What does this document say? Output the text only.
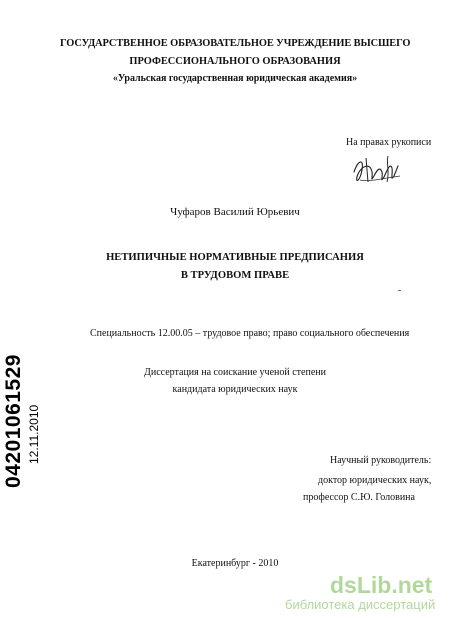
ГОСУДАРСТВЕННОЕ ОБРАЗОВАТЕЛЬНОЕ УЧРЕЖДЕНИЕ ВЫСШЕГО
ПРОФЕССИОНАЛЬНОГО ОБРАЗОВАНИЯ
«Уральская государственная юридическая академия»
На правах рукописи
Чуфаров Василий Юрьевич
НЕТИПИЧНЫЕ НОРМАТИВНЫЕ ПРЕДПИСАНИЯ
В ТРУДОВОМ ПРАВЕ
Специальность 12.00.05 – трудовое право; право социального обеспечения
Диссертация на соискание ученой степени
кандидата юридических наук
Научный руководитель:
доктор юридических наук,
профессор С.Ю. Головина
Екатеринбург - 2010
04201061529 12.11.2010
dsLib.net
библиотека диссертаций
